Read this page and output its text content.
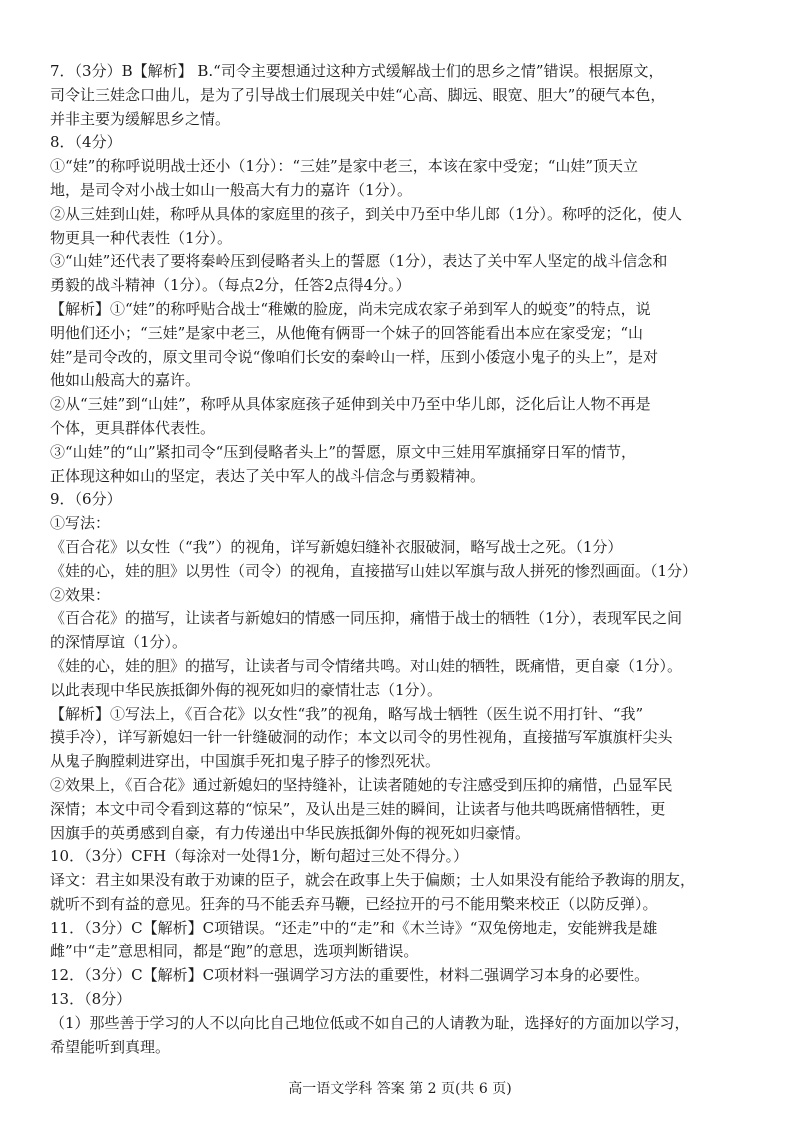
7．（3分）B【解析】 B.“司令主要想通过这种方式缓解战士们的思乡之情”错误。根据原文，
司令让三娃念口曲儿，是为了引导战士们展现关中娃“心高、脚远、眼宽、胆大”的硬气本色，
并非主要为缓解思乡之情。
8．（4分）
①“娃”的称呼说明战士还小（1分）：“三娃”是家中老三，本该在家中受宠；“山娃”顶天立
地，是司令对小战士如山一般高大有力的嘉许（1分）。
②从三娃到山娃，称呼从具体的家庭里的孩子，到关中乃至中华儿郎（1分）。称呼的泛化，使人
物更具一种代表性（1分）。
③“山娃”还代表了要将秦岭压到侵略者头上的誓愿（1分），表达了关中军人坚定的战斗信念和
勇毅的战斗精神（1分）。（每点2分，任答2点得4分。）
【解析】①“娃”的称呼贴合战士“稚嫩的脸庞，尚未完成农家子弟到军人的蜕变”的特点，说
明他们还小；“三娃”是家中老三，从他俺有俩哥一个妹子的回答能看出本应在家受宠；“山
娃”是司令改的，原文里司令说“像咱们长安的秦岭山一样，压到小倭寇小鬼子的头上”，是对
他如山般高大的嘉许。
②从“三娃”到“山娃”，称呼从具体家庭孩子延伸到关中乃至中华儿郎，泛化后让人物不再是
个体，更具群体代表性。
③“山娃”的“山”紧扣司令“压到侵略者头上”的誓愿，原文中三娃用军旗捅穿日军的情节，
正体现这种如山的坚定，表达了关中军人的战斗信念与勇毅精神。
9．（6分）
①写法：
《百合花》以女性（“我”）的视角，详写新媳妇缝补衣服破洞，略写战士之死。（1分）
《娃的心，娃的胆》以男性（司令）的视角，直接描写山娃以军旗与敌人拼死的惨烈画面。（1分）
②效果：
《百合花》的描写，让读者与新媳妇的情感一同压抑，痛惜于战士的牺牲（1分），表现军民之间
的深情厚谊（1分）。
《娃的心，娃的胆》的描写，让读者与司令情绪共鸣。对山娃的牺牲，既痛惜，更自豪（1分）。
以此表现中华民族抵御外侮的视死如归的豪情壮志（1分）。
【解析】①写法上，《百合花》以女性“我”的视角，略写战士牺牲（医生说不用打针、“我”
摸手冷），详写新媳妇一针一针缝破洞的动作；本文以司令的男性视角，直接描写军旗旗杆尖头
从鬼子胸膛刺进穿出，中国旗手死扣鬼子脖子的惨烈死状。
②效果上，《百合花》通过新媳妇的坚持缝补，让读者随她的专注感受到压抑的痛惜，凸显军民
深情；本文中司令看到这幕的“惊呆”，及认出是三娃的瞬间，让读者与他共鸣既痛惜牺牲，更
因旗手的英勇感到自豪，有力传递出中华民族抵御外侮的视死如归豪情。
10．（3分）CFH（每涂对一处得1分，断句超过三处不得分。）
译文：君主如果没有敢于劝谏的臣子，就会在政事上失于偏颇；士人如果没有能给予教诲的朋友，
就听不到有益的意见。狂奔的马不能丢弃马鞭，已经拉开的弓不能用檠来校正（以防反弹）。
11．（3分）C【解析】C项错误。“还走”中的“走”和《木兰诗》“双兔傍地走，安能辨我是雄
雌”中“走”意思相同，都是“跑”的意思，选项判断错误。
12．（3分）C【解析】C项材料一强调学习方法的重要性，材料二强调学习本身的必要性。
13．（8分）
（1）那些善于学习的人不以向比自己地位低或不如自己的人请教为耻，选择好的方面加以学习，
希望能听到真理。
高一语文学科 答案 第 2 页(共 6 页)
